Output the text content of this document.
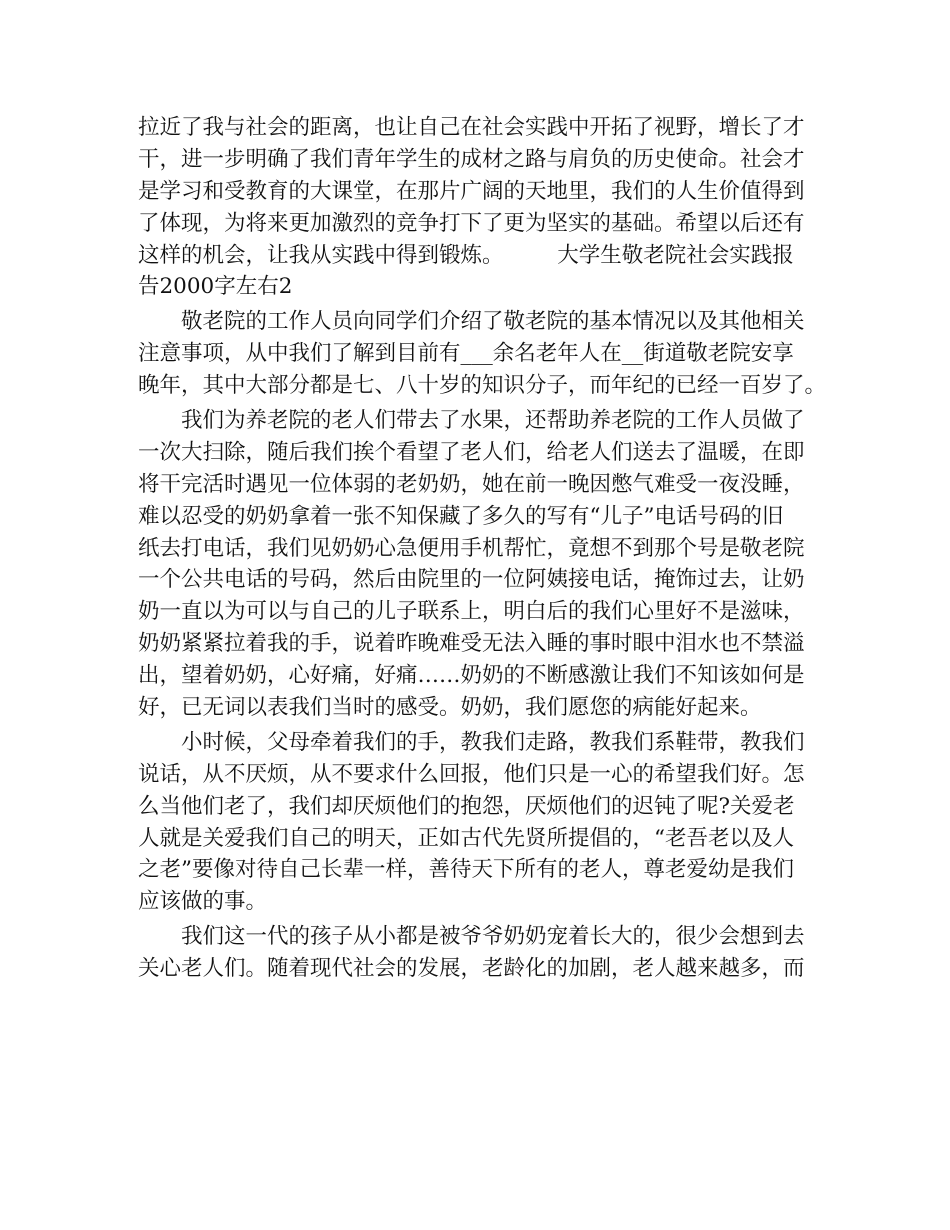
拉近了我与社会的距离，也让自己在社会实践中开拓了视野，增长了才
干，进一步明确了我们青年学生的成材之路与肩负的历史使命。社会才
是学习和受教育的大课堂，在那片广阔的天地里，我们的人生价值得到
了体现，为将来更加激烈的竞争打下了更为坚实的基础。希望以后还有
这样的机会，让我从实践中得到锻炼。　　　大学生敬老院社会实践报
告2000字左右2
敬老院的工作人员向同学们介绍了敬老院的基本情况以及其他相关
注意事项，从中我们了解到目前有___余名老年人在__街道敬老院安享
晚年，其中大部分都是七、八十岁的知识分子，而年纪的已经一百岁了。
我们为养老院的老人们带去了水果，还帮助养老院的工作人员做了
一次大扫除，随后我们挨个看望了老人们，给老人们送去了温暖，在即
将干完活时遇见一位体弱的老奶奶，她在前一晚因憋气难受一夜没睡，
难以忍受的奶奶拿着一张不知保藏了多久的写有“儿子”电话号码的旧
纸去打电话，我们见奶奶心急便用手机帮忙，竟想不到那个号是敬老院
一个公共电话的号码，然后由院里的一位阿姨接电话，掩饰过去，让奶
奶一直以为可以与自己的儿子联系上，明白后的我们心里好不是滋味，
奶奶紧紧拉着我的手，说着昨晚难受无法入睡的事时眼中泪水也不禁溢
出，望着奶奶，心好痛，好痛……奶奶的不断感激让我们不知该如何是
好，已无词以表我们当时的感受。奶奶，我们愿您的病能好起来。
小时候，父母牵着我们的手，教我们走路，教我们系鞋带，教我们
说话，从不厌烦，从不要求什么回报，他们只是一心的希望我们好。怎
么当他们老了，我们却厌烦他们的抱怨，厌烦他们的迟钝了呢?关爱老
人就是关爱我们自己的明天，正如古代先贤所提倡的，“老吾老以及人
之老”要像对待自己长辈一样，善待天下所有的老人，尊老爱幼是我们
应该做的事。
我们这一代的孩子从小都是被爷爷奶奶宠着长大的，很少会想到去
关心老人们。随着现代社会的发展，老龄化的加剧，老人越来越多，而
